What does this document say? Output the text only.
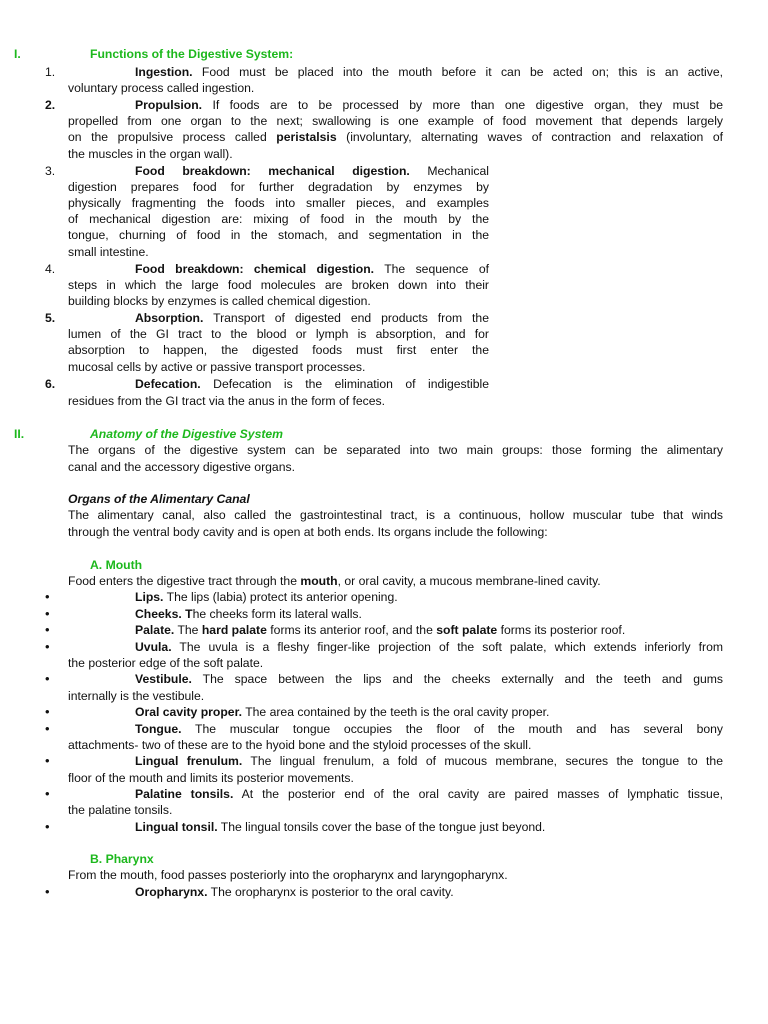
I.	Functions of the Digestive System:
1.	Ingestion. Food must be placed into the mouth before it can be acted on; this is an active,
voluntary process called ingestion.
2.	Propulsion. If foods are to be processed by more than one digestive organ, they must be
propelled from one organ to the next; swallowing is one example of food movement that depends largely
on the propulsive process called peristalsis (involuntary, alternating waves of contraction and relaxation of
the muscles in the organ wall).
3.	Food breakdown: mechanical digestion. Mechanical
digestion prepares food for further degradation by enzymes by
physically fragmenting the foods into smaller pieces, and examples
of mechanical digestion are: mixing of food in the mouth by the
tongue, churning of food in the stomach, and segmentation in the
small intestine.
4.	Food breakdown: chemical digestion. The sequence of
steps in which the large food molecules are broken down into their
building blocks by enzymes is called chemical digestion.
5.	Absorption. Transport of digested end products from the
lumen of the GI tract to the blood or lymph is absorption, and for
absorption to happen, the digested foods must first enter the
mucosal cells by active or passive transport processes.
6.	Defecation. Defecation is the elimination of indigestible
residues from the GI tract via the anus in the form of feces.
II.	Anatomy of the Digestive System
The organs of the digestive system can be separated into two main groups: those forming the alimentary
canal and the accessory digestive organs.
Organs of the Alimentary Canal
The alimentary canal, also called the gastrointestinal tract, is a continuous, hollow muscular tube that winds
through the ventral body cavity and is open at both ends. Its organs include the following:
A. Mouth
Food enters the digestive tract through the mouth, or oral cavity, a mucous membrane-lined cavity.
•	Lips. The lips (labia) protect its anterior opening.
•	Cheeks. The cheeks form its lateral walls.
•	Palate. The hard palate forms its anterior roof, and the soft palate forms its posterior roof.
•	Uvula. The uvula is a fleshy finger-like projection of the soft palate, which extends inferiorly from
the posterior edge of the soft palate.
•	Vestibule. The space between the lips and the cheeks externally and the teeth and gums
internally is the vestibule.
•	Oral cavity proper. The area contained by the teeth is the oral cavity proper.
•	Tongue. The muscular tongue occupies the floor of the mouth and has several bony
attachments- two of these are to the hyoid bone and the styloid processes of the skull.
•	Lingual frenulum. The lingual frenulum, a fold of mucous membrane, secures the tongue to the
floor of the mouth and limits its posterior movements.
•	Palatine tonsils. At the posterior end of the oral cavity are paired masses of lymphatic tissue,
the palatine tonsils.
•	Lingual tonsil. The lingual tonsils cover the base of the tongue just beyond.
B. Pharynx
From the mouth, food passes posteriorly into the oropharynx and laryngopharynx.
•	Oropharynx. The oropharynx is posterior to the oral cavity.
